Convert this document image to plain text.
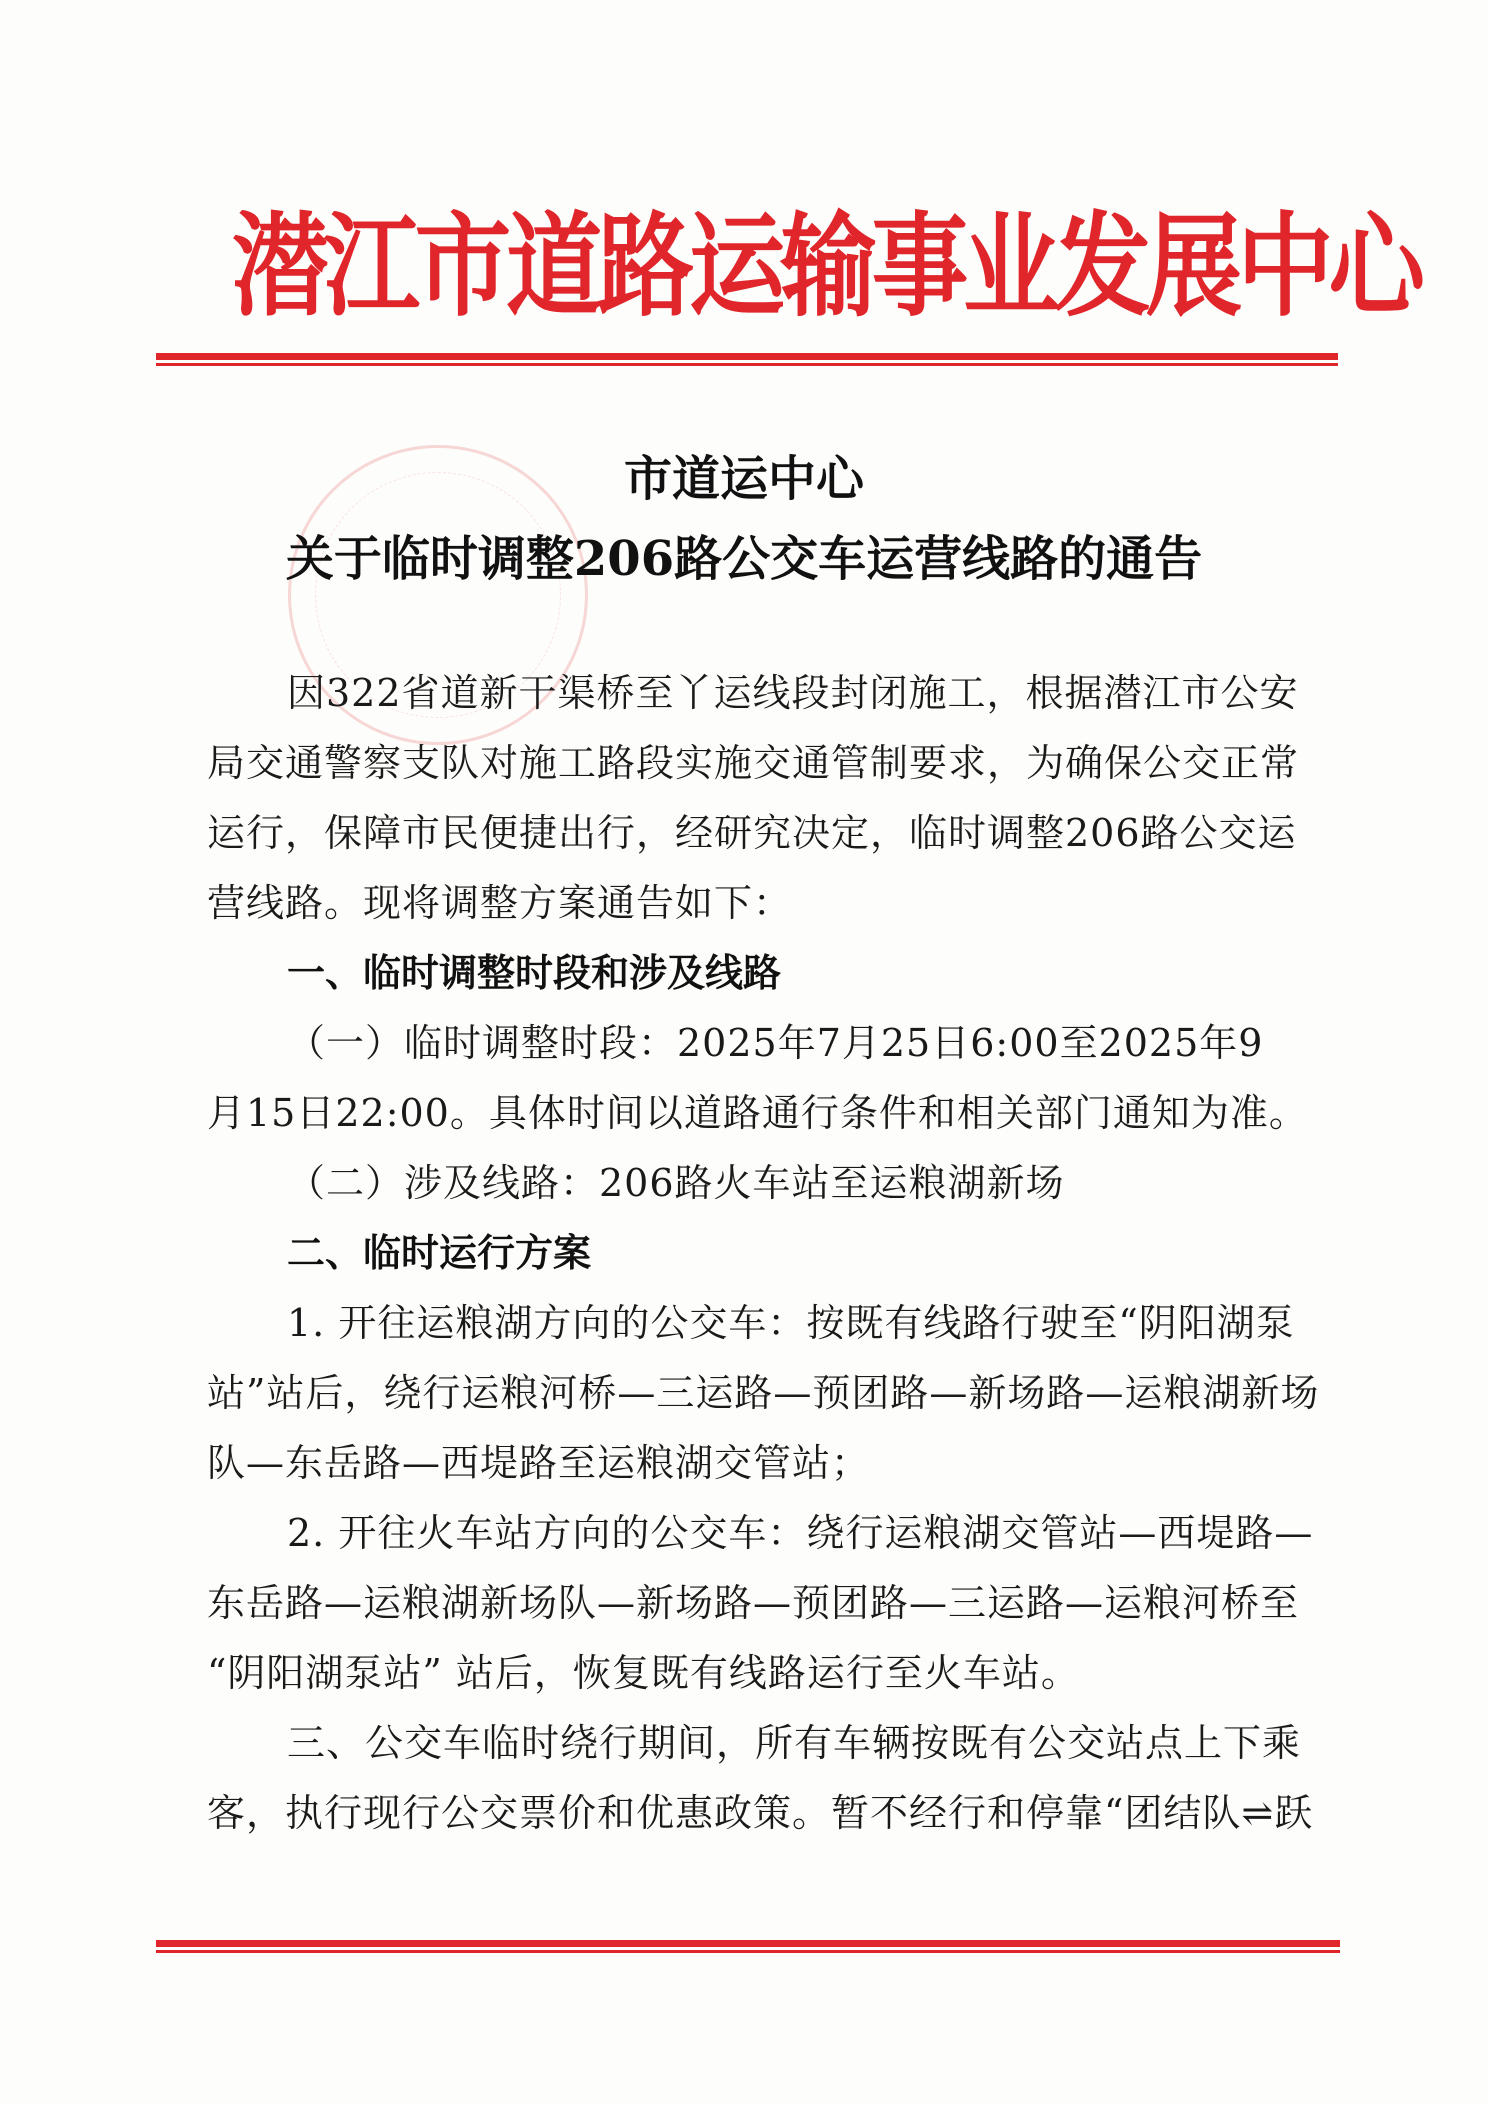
潜江市道路运输事业发展中心
市道运中心
关于临时调整206路公交车运营线路的通告
因322省道新干渠桥至丫运线段封闭施工，根据潜江市公安
局交通警察支队对施工路段实施交通管制要求，为确保公交正常
运行，保障市民便捷出行，经研究决定，临时调整206路公交运
营线路。现将调整方案通告如下：
一、临时调整时段和涉及线路
（一）临时调整时段：2025年7月25日6:00至2025年9
月15日22:00。具体时间以道路通行条件和相关部门通知为准。
（二）涉及线路：206路火车站至运粮湖新场
二、临时运行方案
1. 开往运粮湖方向的公交车：按既有线路行驶至“阴阳湖泵
站”站后，绕行运粮河桥—三运路—预团路—新场路—运粮湖新场
队—东岳路—西堤路至运粮湖交管站；
2. 开往火车站方向的公交车：绕行运粮湖交管站—西堤路—
东岳路—运粮湖新场队—新场路—预团路—三运路—运粮河桥至
“阴阳湖泵站” 站后，恢复既有线路运行至火车站。
三、公交车临时绕行期间，所有车辆按既有公交站点上下乘
客，执行现行公交票价和优惠政策。暂不经行和停靠“团结队⇌跃
